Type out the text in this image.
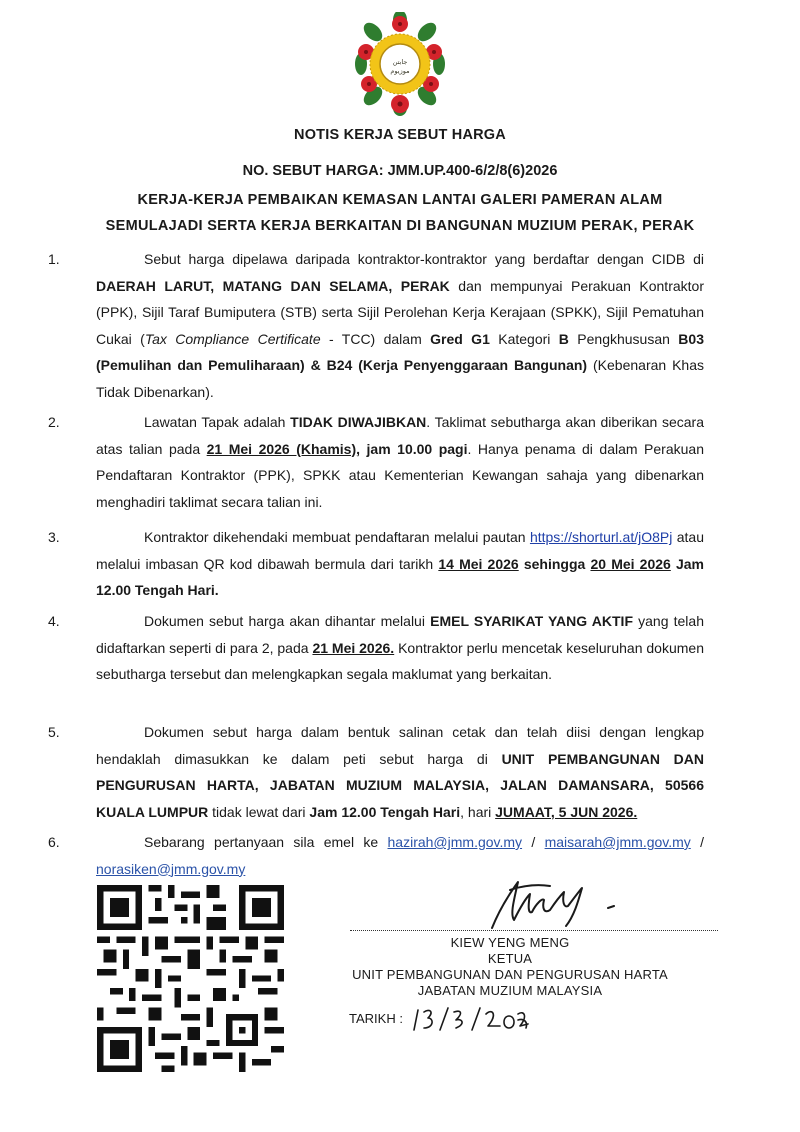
جابتن
موزيوم
NOTIS KERJA SEBUT HARGA
NO. SEBUT HARGA: JMM.UP.400-6/2/8(6)2026
KERJA-KERJA PEMBAIKAN KEMASAN LANTAI GALERI PAMERAN ALAM
SEMULAJADI SERTA KERJA BERKAITAN DI BANGUNAN MUZIUM PERAK, PERAK
1.	Sebut harga dipelawa daripada kontraktor-kontraktor yang berdaftar dengan CIDB di DAERAH LARUT, MATANG DAN SELAMA, PERAK dan mempunyai Perakuan Kontraktor (PPK), Sijil Taraf Bumiputera (STB) serta Sijil Perolehan Kerja Kerajaan (SPKK), Sijil Pematuhan Cukai (Tax Compliance Certificate - TCC) dalam Gred G1 Kategori B Pengkhususan B03 (Pemulihan dan Pemuliharaan) & B24 (Kerja Penyenggaraan Bangunan) (Kebenaran Khas Tidak Dibenarkan).
2.	Lawatan Tapak adalah TIDAK DIWAJIBKAN. Taklimat sebutharga akan diberikan secara atas talian pada 21 Mei 2026 (Khamis), jam 10.00 pagi. Hanya penama di dalam Perakuan Pendaftaran Kontraktor (PPK), SPKK atau Kementerian Kewangan sahaja yang dibenarkan menghadiri taklimat secara talian ini.
3.	Kontraktor dikehendaki membuat pendaftaran melalui pautan https://shorturl.at/jO8Pj atau melalui imbasan QR kod dibawah bermula dari tarikh 14 Mei 2026 sehingga 20 Mei 2026 Jam 12.00 Tengah Hari.
4.	Dokumen sebut harga akan dihantar melalui EMEL SYARIKAT YANG AKTIF yang telah didaftarkan seperti di para 2, pada 21 Mei 2026. Kontraktor perlu mencetak keseluruhan dokumen sebutharga tersebut dan melengkapkan segala maklumat yang berkaitan.
5.	Dokumen sebut harga dalam bentuk salinan cetak dan telah diisi dengan lengkap hendaklah dimasukkan ke dalam peti sebut harga di UNIT PEMBANGUNAN DAN PENGURUSAN HARTA, JABATAN MUZIUM MALAYSIA, JALAN DAMANSARA, 50566 KUALA LUMPUR tidak lewat dari Jam 12.00 Tengah Hari, hari JUMAAT, 5 JUN 2026.
6.	Sebarang pertanyaan sila emel ke hazirah@jmm.gov.my / maisarah@jmm.gov.my / norasiken@jmm.gov.my
KIEW YENG MENG
KETUA
UNIT PEMBANGUNAN DAN PENGURUSAN HARTA
JABATAN MUZIUM MALAYSIA
TARIKH :
